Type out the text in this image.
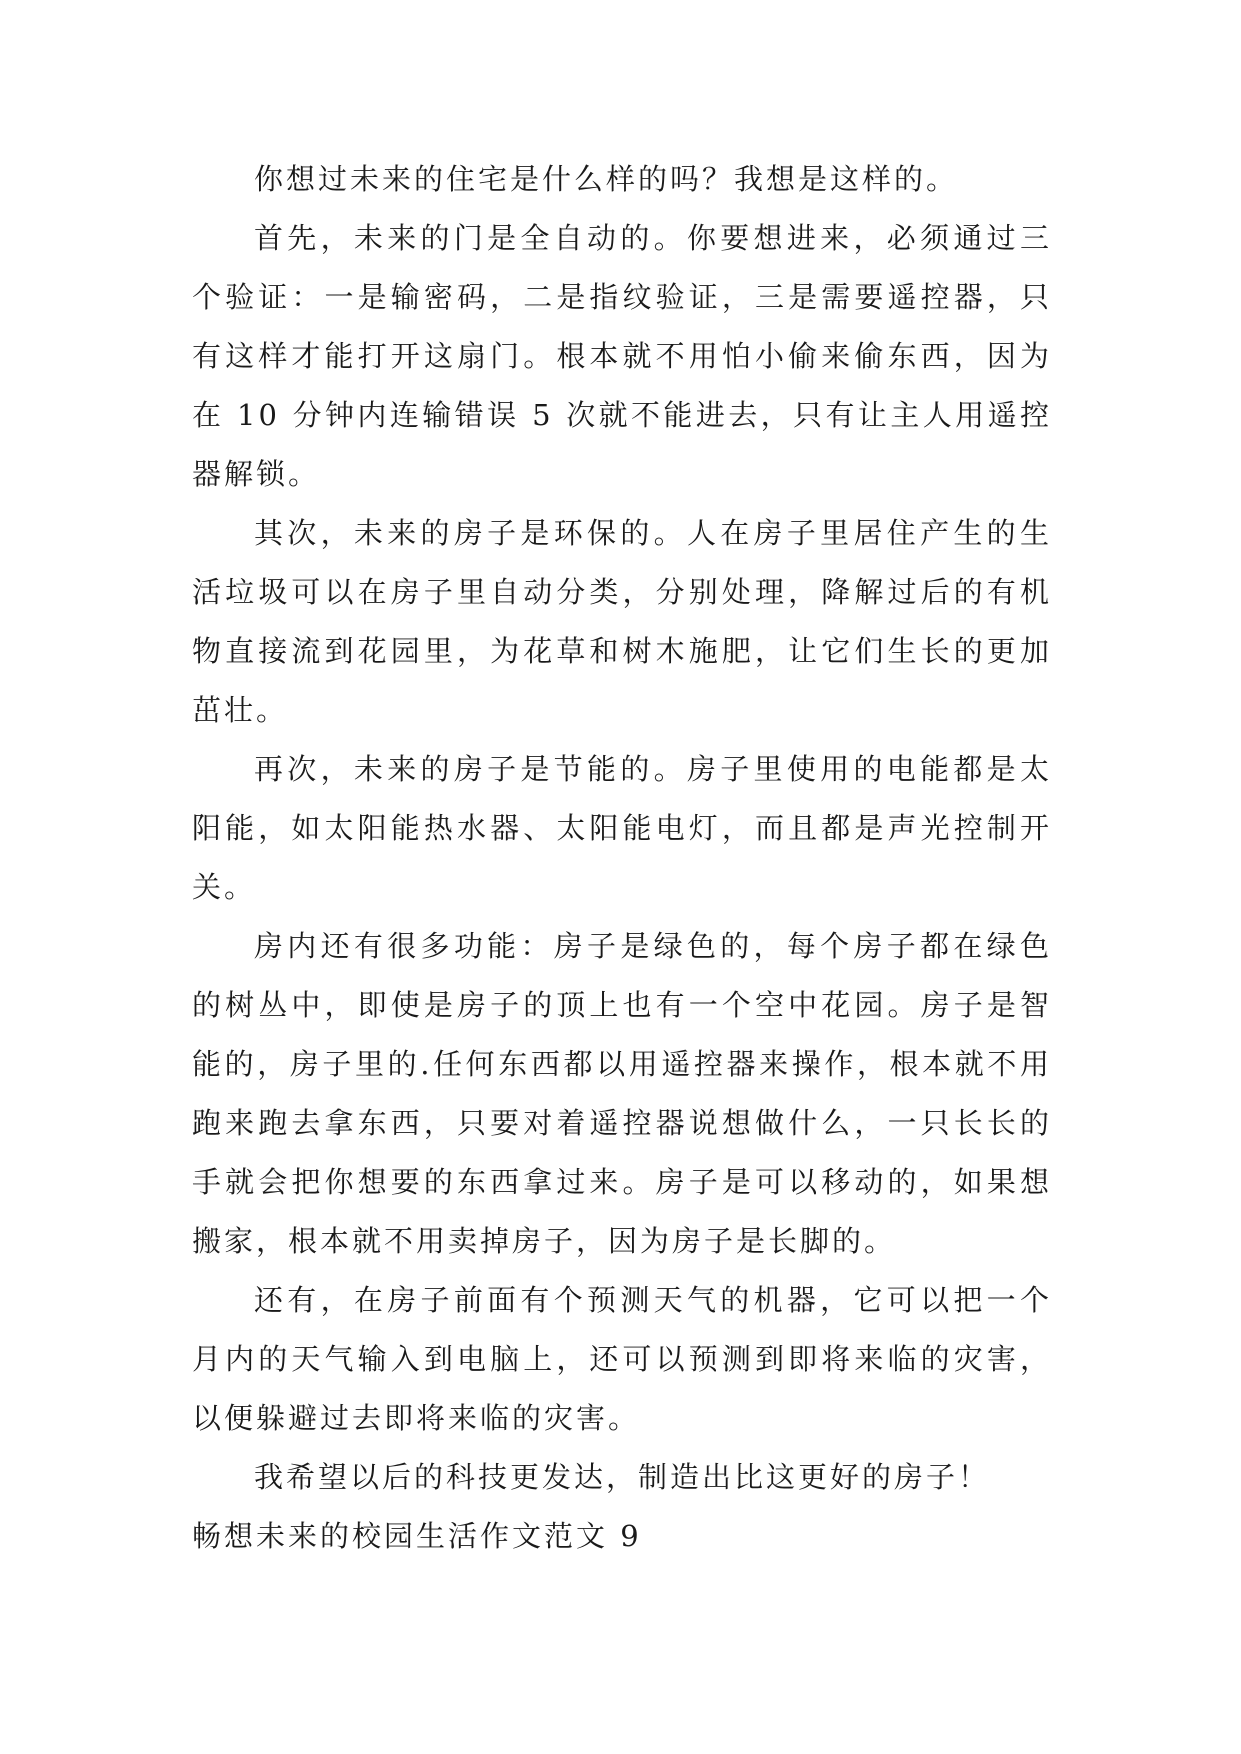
你想过未来的住宅是什么样的吗？我想是这样的。

首先，未来的门是全自动的。你要想进来，必须通过三个验证：一是输密码，二是指纹验证，三是需要遥控器，只有这样才能打开这扇门。根本就不用怕小偷来偷东西，因为在 10 分钟内连输错误 5 次就不能进去，只有让主人用遥控器解锁。

其次，未来的房子是环保的。人在房子里居住产生的生活垃圾可以在房子里自动分类，分别处理，降解过后的有机物直接流到花园里，为花草和树木施肥，让它们生长的更加茁壮。

再次，未来的房子是节能的。房子里使用的电能都是太阳能，如太阳能热水器、太阳能电灯，而且都是声光控制开关。

房内还有很多功能：房子是绿色的，每个房子都在绿色的树丛中，即使是房子的顶上也有一个空中花园。房子是智能的，房子里的.任何东西都以用遥控器来操作，根本就不用跑来跑去拿东西，只要对着遥控器说想做什么，一只长长的手就会把你想要的东西拿过来。房子是可以移动的，如果想搬家，根本就不用卖掉房子，因为房子是长脚的。

还有，在房子前面有个预测天气的机器，它可以把一个月内的天气输入到电脑上，还可以预测到即将来临的灾害，以便躲避过去即将来临的灾害。

我希望以后的科技更发达，制造出比这更好的房子！

畅想未来的校园生活作文范文 9
